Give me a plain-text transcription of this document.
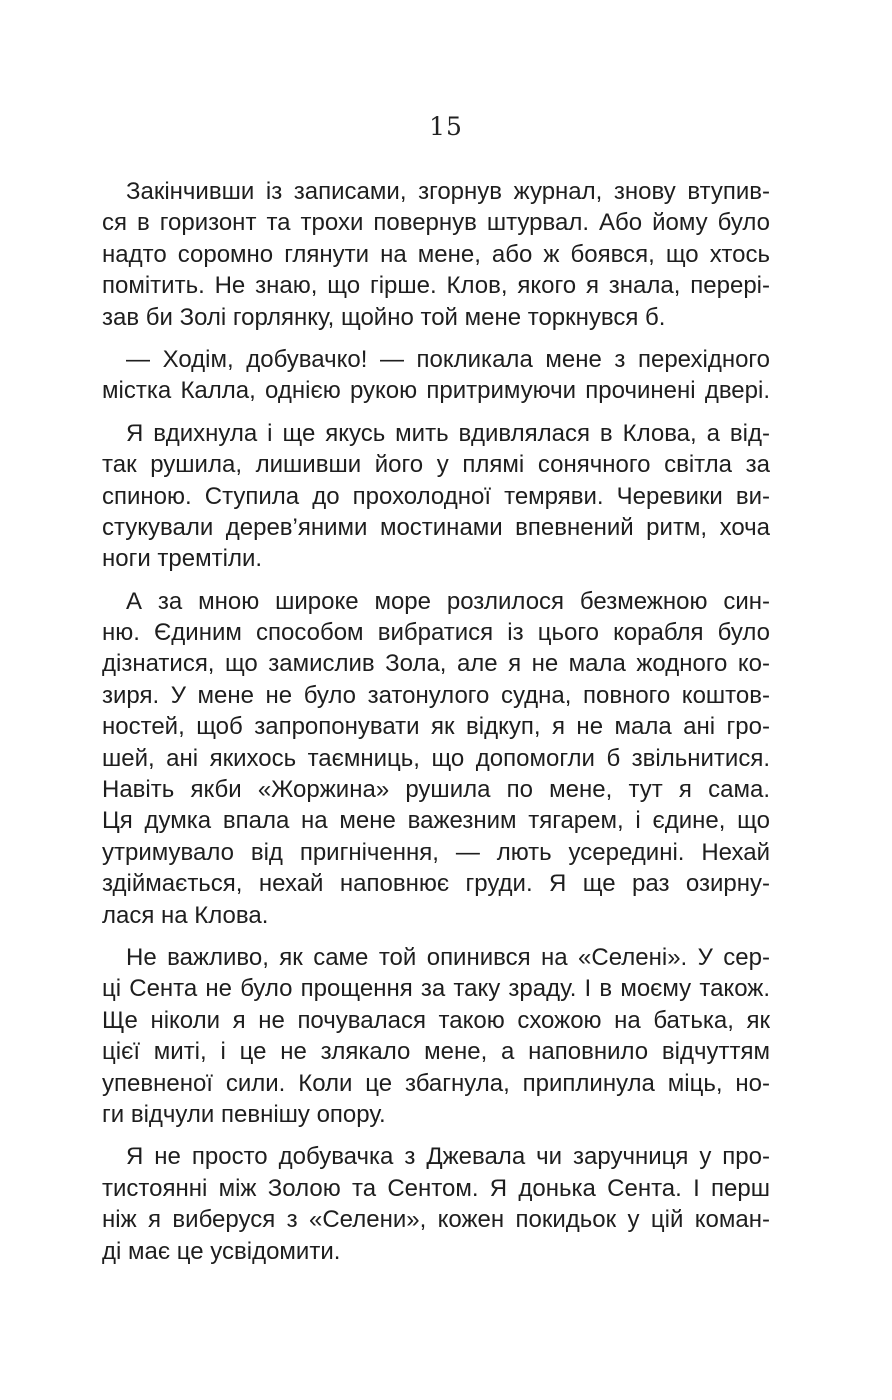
15

Закінчивши із записами, згорнув журнал, знову втупив-
ся в горизонт та трохи повернув штурвал. Або йому було
надто соромно глянути на мене, або ж боявся, що хтось
помітить. Не знаю, що гірше. Клов, якого я знала, перері-
зав би Золі горлянку, щойно той мене торкнувся б.

— Ходім, добувачко! — покликала мене з перехідного
містка Калла, однією рукою притримуючи прочинені двері.

Я вдихнула і ще якусь мить вдивлялася в Клова, а від-
так рушила, лишивши його у плямі сонячного світла за
спиною. Ступила до прохолодної темряви. Черевики ви-
стукували дерев’яними мостинами впевнений ритм, хоча
ноги тремтіли.

А за мною широке море розлилося безмежною син-
ню. Єдиним способом вибратися із цього корабля було
дізнатися, що замислив Зола, але я не мала жодного ко-
зиря. У мене не було затонулого судна, повного коштов-
ностей, щоб запропонувати як відкуп, я не мала ані гро-
шей, ані якихось таємниць, що допомогли б звільнитися.
Навіть якби «Жоржина» рушила по мене, тут я сама.
Ця думка впала на мене важезним тягарем, і єдине, що
утримувало від пригнічення, — лють усередині. Нехай
здіймається, нехай наповнює груди. Я ще раз озирну-
лася на Клова.

Не важливо, як саме той опинився на «Селені». У сер-
ці Сента не було прощення за таку зраду. І в моєму також.
Ще ніколи я не почувалася такою схожою на батька, як
цієї миті, і це не злякало мене, а наповнило відчуттям
упевненої сили. Коли це збагнула, приплинула міць, но-
ги відчули певнішу опору.

Я не просто добувачка з Джевала чи заручниця у про-
тистоянні між Золою та Сентом. Я донька Сента. І перш
ніж я виберуся з «Селени», кожен покидьок у цій коман-
ді має це усвідомити.
